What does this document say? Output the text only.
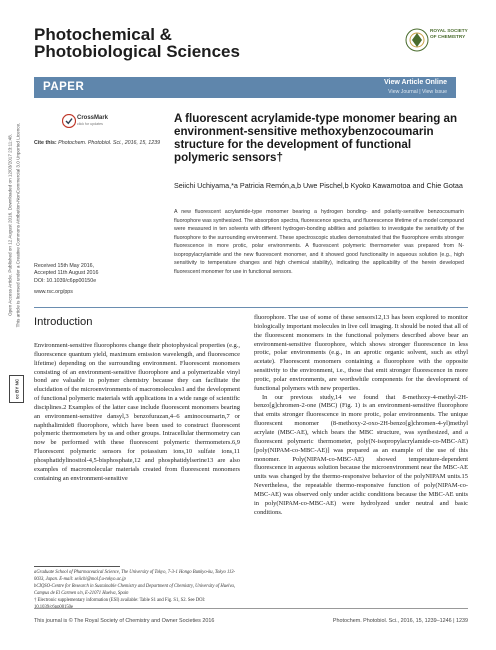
Open Access Article. Published on 12 August 2016. Downloaded on 12/03/2017 23:11:48. This article is licensed under a Creative Commons Attribution-NonCommercial 3.0 Unported Licence.
cc BY NC
Photochemical &
Photobiological Sciences
ROYAL SOCIETY
OF CHEMISTRY
PAPER	View Article Online
View Journal | View Issue
CrossMark
click for updates
Cite this: Photochem. Photobiol. Sci., 2016, 15, 1239
Received 15th May 2016,
Accepted 11th August 2016
DOI: 10.1039/c6pp00150e
www.rsc.org/pps
A fluorescent acrylamide-type monomer bearing an environment-sensitive methoxybenzocoumarin structure for the development of functional polymeric sensors†
Seiichi Uchiyama,*a Patricia Remón,a,b Uwe Pischel,b Kyoko Kawamotoa and Chie Gotaa
A new fluorescent acrylamide-type monomer bearing a hydrogen bonding- and polarity-sensitive benzocoumarin fluorophore was synthesized. The absorption spectra, fluorescence spectra, and fluorescence lifetime of a model compound were measured in ten solvents with different hydrogen-bonding abilities and polarities to investigate the sensitivity of the fluorophore to the surrounding environment. These spectroscopic studies demonstrated that the fluorophore emits stronger fluorescence in more protic, polar environments. A fluorescent polymeric thermometer was prepared from N-isopropylacrylamide and the new fluorescent monomer, and it showed good functionality in aqueous solution (e.g., high sensitivity to temperature changes and high chemical stability), indicating the applicability of the herein developed fluorescent monomer for use in functional sensors.
Introduction
Environment-sensitive fluorophores change their photophysical properties (e.g., fluorescence quantum yield, maximum emission wavelength, and fluorescence lifetime) depending on the surrounding environment. Fluorescent monomers consisting of an environment-sensitive fluorophore and a polymerizable vinyl bond are valuable in polymer chemistry because they can facilitate the elucidation of the microenvironments of macromolecules1 and the development of functional polymeric materials with applications in a wide range of scientific disciplines.2 Examples of the latter case include fluorescent monomers bearing an environment-sensitive dansyl,3 benzofurazan,4–6 aminocoumarin,7 or naphthalimide8 fluorophore, which have been used to construct fluorescent polymeric thermometers by us and other groups. Intracellular thermometry can now be performed with these fluorescent polymeric thermometers.6,9 Fluorescent polymeric sensors for potassium ions,10 sulfate ions,11 phosphatidylinositol-4,5-bisphosphate,12 and phosphatidylserine13 are also examples of macromolecular materials created from fluorescent monomers containing an environment-sensitive
fluorophore. The use of some of these sensors12,13 has been explored to monitor biologically important molecules in live cell imaging. It should be noted that all of the fluorescent monomers in the functional polymers described above bear an environment-sensitive fluorophore, which shows stronger fluorescence in less protic, polar environments (e.g., in an aprotic organic solvent, such as ethyl acetate). Fluorescent monomers containing a fluorophore with the opposite sensitivity to the environment, i.e., those that emit stronger fluorescence in more protic, polar environments, are worthwhile components for the development of functional polymers with new properties.
In our previous study,14 we found that 8-methoxy-4-methyl-2H-benzo[g]chromen-2-one (MBC) (Fig. 1) is an environment-sensitive fluorophore that emits stronger fluorescence in more protic, polar environments. The unique fluorescent monomer (8-methoxy-2-oxo-2H-benzo[g]chromen-4-yl)methyl acrylate (MBC-AE), which bears the MBC structure, was synthesized, and a fluorescent polymeric thermometer, poly(N-isopropylacrylamide-co-MBC-AE) [poly(NIPAM-co-MBC-AE)] was prepared as an example of the use of this monomer. Poly(NIPAM-co-MBC-AE) showed temperature-dependent fluorescence in aqueous solution because the microenvironment near the MBC-AE units was changed by the thermo-responsive behavior of the polyNIPAM units.15 Nevertheless, the repeatable thermo-responsive function of poly(NIPAM-co-MBC-AE) was observed only under acidic conditions because the MBC-AE units in poly(NIPAM-co-MBC-AE) were hydrolyzed under neutral and basic conditions.
aGraduate School of Pharmaceutical Science, The University of Tokyo, 7-3-1 Hongo Bunkyo-ku, Tokyo 113-0033, Japan. E-mail: seiichi@mol.f.u-tokyo.ac.jp
bCIQSO-Centre for Research in Sustainable Chemistry and Department of Chemistry, University of Huelva, Campus de El Carmen s/n, E-21071 Huelva, Spain
† Electronic supplementary information (ESI) available: Table S1 and Fig. S1, S2. See DOI:
This journal is © The Royal Society of Chemistry and Owner Societies 2016	Photochem. Photobiol. Sci., 2016, 15, 1239–1246 | 1239
